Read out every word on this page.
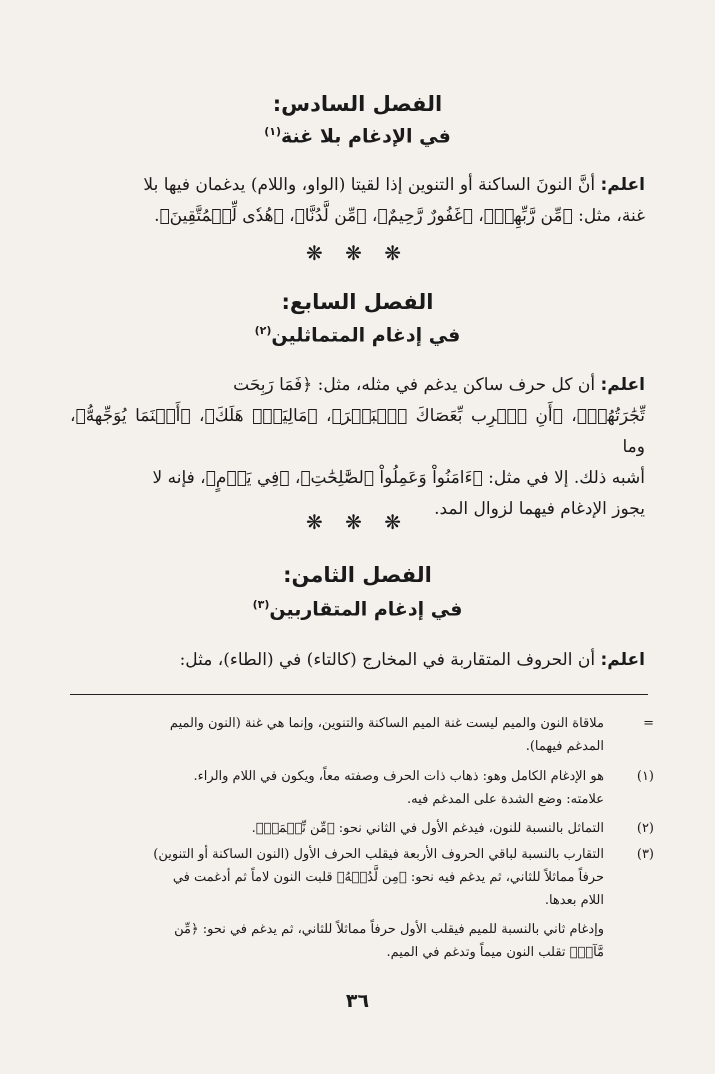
الفصل السادس:
في الإدغام بلا غنة$^{(١)}$
اعلم: أنَّ النونَ الساكنة أو التنوين إذا لقيتا (الواو، واللام) يدغمان فيها بلا
غنة، مثل: ﴿مِّن رَّبِّهِمۡ﴾، ﴿غَفُورٌ رَّحِيمٌ﴾، ﴿مِّن لَّدُنَّا﴾، ﴿هُدٗى لِّلۡمُتَّقِينَ﴾.
❋ ❋ ❋
الفصل السابع:
في إدغام المتماثلين$^{(٢)}$
اعلم: أن كل حرف ساكن يدغم في مثله، مثل: ﴿فَمَا رَبِحَت
تِّجَٰرَتُهُمۡ﴾، ﴿أَنِ ٱضۡرِب بِّعَصَاكَ ٱلۡبَحۡرَ﴾، ﴿مَالِيَهۡۜ هَلَكَ﴾، ﴿أَيۡنَمَا يُوَجِّههُّ﴾، وما
أشبه ذلك. إلا في مثل: ﴿ءَامَنُواْ وَعَمِلُواْ ٱلصَّٰلِحَٰتِ﴾، ﴿فِي يَوۡمٍ﴾، فإنه لا
يجوز الإدغام فيهما لزوال المد.
❋ ❋ ❋
الفصل الثامن:
في إدغام المتقاربين$^{(٣)}$
اعلم: أن الحروف المتقاربة في المخارج (كالتاء) في (الطاء)، مثل:
=
ملاقاة النون والميم ليست غنة الميم الساكنة والتنوين، وإنما هي غنة (النون والميم
المدغم فيهما).
(١)
هو الإدغام الكامل وهو: ذهاب ذات الحرف وصفته معاً، ويكون في اللام والراء.
علامته: وضع الشدة على المدغم فيه.
(٢)
التماثل بالنسبة للنون، فيدغم الأول في الثاني نحو: ﴿مِّن نِّعۡمَةٖ﴾.
(٣)
التقارب بالنسبة لباقي الحروف الأربعة فيقلب الحرف الأول (النون الساكنة أو التنوين)
حرفاً مماثلاً للثاني، ثم يدغم فيه نحو: ﴿مِن لَّدُنۡهُ﴾ قلبت النون لاماً ثم أدغمت في
اللام بعدها.
وإدغام ثاني بالنسبة للميم فيقلب الأول حرفاً مماثلاً للثاني، ثم يدغم في نحو: ﴿مِّن
مَّآءٖ﴾ تقلب النون ميماً وتدغم في الميم.
٣٦
